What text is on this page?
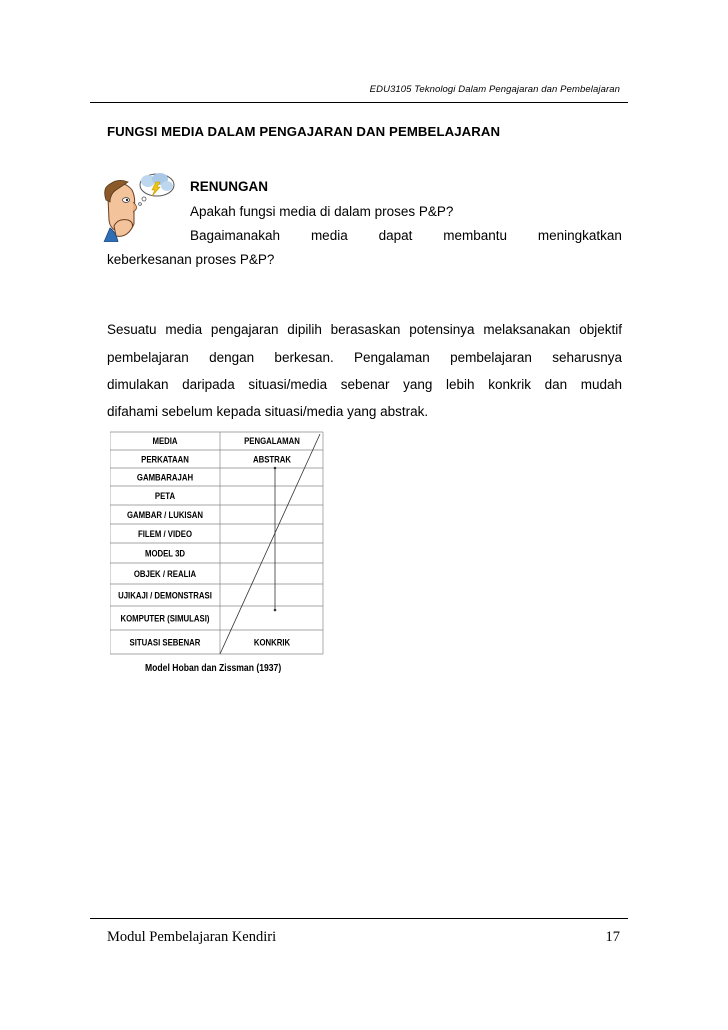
EDU3105 Teknologi Dalam Pengajaran dan Pembelajaran
FUNGSI MEDIA DALAM PENGAJARAN DAN PEMBELAJARAN
RENUNGAN
Apakah fungsi media di dalam proses P&P?
Bagaimanakah media dapat membantu meningkatkan
keberkesanan proses P&P?
Sesuatu media pengajaran dipilih berasaskan potensinya melaksanakan objektif
pembelajaran dengan berkesan. Pengalaman pembelajaran seharusnya
dimulakan daripada situasi/media sebenar yang lebih konkrik dan mudah
difahami sebelum kepada situasi/media yang abstrak.
MEDIA	PENGALAMAN
PERKATAAN	ABSTRAK
GAMBARAJAH
PETA
GAMBAR / LUKISAN
FILEM / VIDEO
MODEL 3D
OBJEK / REALIA
UJIKAJI / DEMONSTRASI
KOMPUTER (SIMULASI)
SITUASI SEBENAR	KONKRIK
Model Hoban dan Zissman (1937)
Modul Pembelajaran Kendiri	17
